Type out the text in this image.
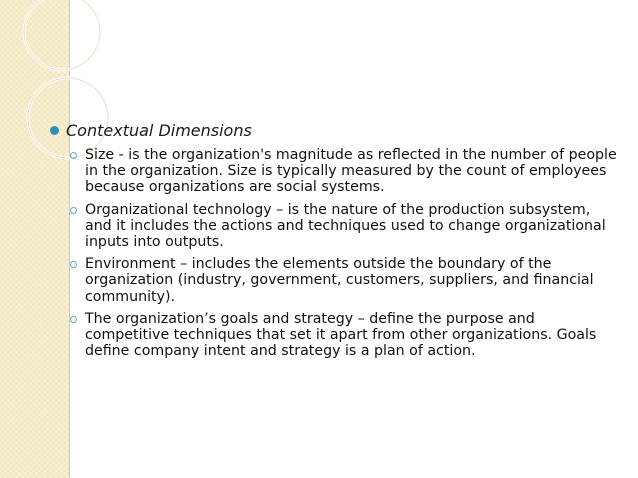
Contextual Dimensions
Size - is the organization's magnitude as reflected in the number of people in the organization. Size is typically measured by the count of employees because organizations are social systems.
Organizational technology – is the nature of the production subsystem, and it includes the actions and techniques used to change organizational inputs into outputs.
Environment – includes the elements outside the boundary of the organization (industry, government, customers, suppliers, and financial community).
The organization’s goals and strategy – define the purpose and competitive techniques that set it apart from other organizations. Goals define company intent and strategy is a plan of action.
